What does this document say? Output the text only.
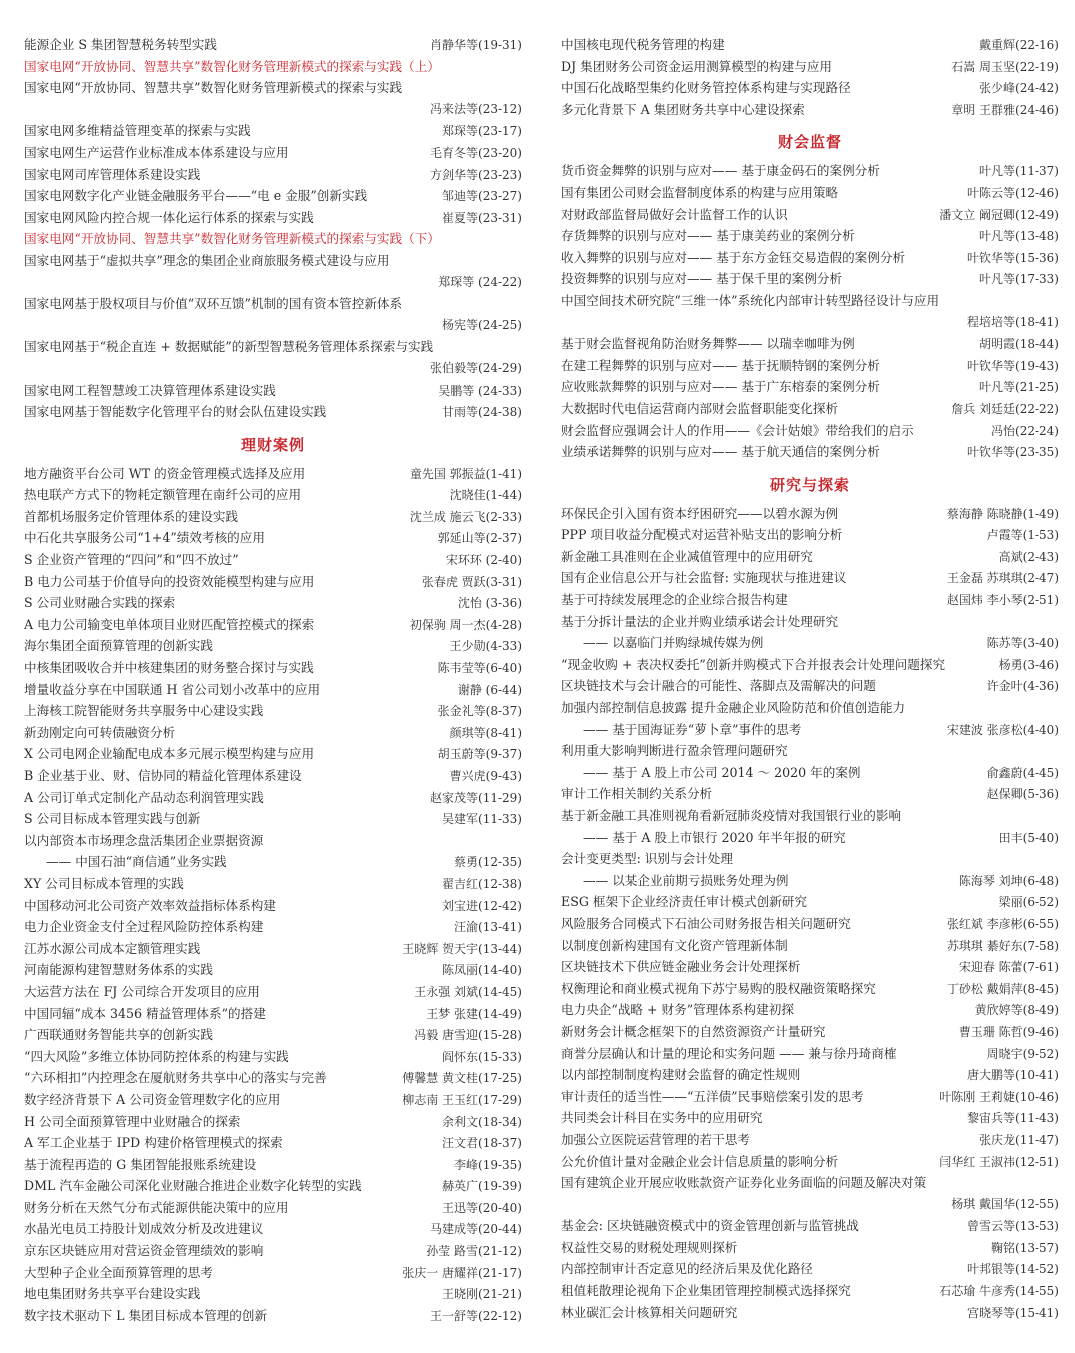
能源企业 S 集团智慧税务转型实践	肖静华等(19-31)
国家电网“开放协同、智慧共享”数智化财务管理新模式的探索与实践（上）
国家电网“开放协同、智慧共享”数智化财务管理新模式的探索与实践
冯来法等(23-12)
国家电网多维精益管理变革的探索与实践	郑琛等(23-17)
国家电网生产运营作业标准成本体系建设与应用	毛育冬等(23-20)
国家电网司库管理体系建设实践	方剑华等(23-23)
国家电网数字化产业链金融服务平台——“电 e 金服”创新实践	邹迪等(23-27)
国家电网风险内控合规一体化运行体系的探索与实践	崔夏等(23-31)
国家电网“开放协同、智慧共享”数智化财务管理新模式的探索与实践（下）
国家电网基于“虚拟共享”理念的集团企业商旅服务模式建设与应用
郑琛等 (24-22)
国家电网基于股权项目与价值“双环互馈”机制的国有资本管控新体系
杨宪等(24-25)
国家电网基于“税企直连 + 数据赋能”的新型智慧税务管理体系探索与实践
张伯毅等(24-29)
国家电网工程智慧竣工决算管理体系建设实践	吴鹏等 (24-33)
国家电网基于智能数字化管理平台的财会队伍建设实践	甘雨等(24-38)
理财案例
地方融资平台公司 WT 的资金管理模式选择及应用	童先国 郭振益(1-41)
热电联产方式下的物耗定额管理在南纤公司的应用	沈晓佳(1-44)
首都机场服务定价管理体系的建设实践	沈兰成 施云飞(2-33)
中石化共享服务公司“1+4”绩效考核的应用	郭延山等(2-37)
S 企业资产管理的“四问”和“四不放过”	宋环环 (2-40)
B 电力公司基于价值导向的投资效能模型构建与应用	张春虎 贾跃(3-31)
S 公司业财融合实践的探索	沈怡 (3-36)
A 电力公司输变电单体项目业财匹配管控模式的探索	初保驹 周一杰(4-28)
海尔集团全面预算管理的创新实践	王少勋(4-33)
中核集团吸收合并中核建集团的财务整合探讨与实践	陈韦莹等(6-40)
增量收益分享在中国联通 H 省公司划小改革中的应用	谢静 (6-44)
上海核工院智能财务共享服务中心建设实践	张金礼等(8-37)
新劲刚定向可转债融资分析	颜琪等(8-41)
X 公司电网企业输配电成本多元展示模型构建与应用	胡玉蔚等(9-37)
B 企业基于业、财、信协同的精益化管理体系建设	曹兴虎(9-43)
A 公司订单式定制化产品动态利润管理实践	赵家茂等(11-29)
S 公司目标成本管理实践与创新	吴建军(11-33)
以内部资本市场理念盘活集团企业票据资源
—— 中国石油“商信通”业务实践	蔡勇(12-35)
XY 公司目标成本管理的实践	翟吉红(12-38)
中国移动河北公司资产效率效益指标体系构建	刘宝进(12-42)
电力企业资金支付全过程风险防控体系构建	汪渝(13-41)
江苏水源公司成本定额管理实践	王晓辉 贺天宇(13-44)
河南能源构建智慧财务体系的实践	陈凤丽(14-40)
大运营方法在 FJ 公司综合开发项目的应用	王永强 刘斌(14-45)
中国同辐“成本 3456 精益管理体系”的搭建	王梦 张建(14-49)
广西联通财务智能共享的创新实践	冯毅 唐雪迎(15-28)
“四大风险”多维立体协同防控体系的构建与实践	阎怀东(15-33)
“六环相扣”内控理念在厦航财务共享中心的落实与完善	傅馨慧 黄文桂(17-25)
数字经济背景下 A 公司资金管理数字化的应用	柳志南 王玉红(17-29)
H 公司全面预算管理中业财融合的探索	余利文(18-34)
A 军工企业基于 IPD 构建价格管理模式的探索	汪文君(18-37)
基于流程再造的 G 集团智能报账系统建设	李峰(19-35)
DML 汽车金融公司深化业财融合推进企业数字化转型的实践	赫英广(19-39)
财务分析在天然气分布式能源供能决策中的应用	王迅等(20-40)
水晶光电员工持股计划成效分析及改进建议	马建成等(20-44)
京东区块链应用对营运资金管理绩效的影响	孙莹 路雪(21-12)
大型种子企业全面预算管理的思考	张庆一 唐耀祥(21-17)
地电集团财务共享平台建设实践	王晓刚(21-21)
数字技术驱动下 L 集团目标成本管理的创新	王一舒等(22-12)
中国核电现代税务管理的构建	戴重辉(22-16)
DJ 集团财务公司资金运用测算模型的构建与应用	石嵩 周玉坚(22-19)
中国石化战略型集约化财务管控体系构建与实现路径	张少峰(24-42)
多元化背景下 A 集团财务共享中心建设探索	章明 王群雅(24-46)
财会监督
货币资金舞弊的识别与应对—— 基于康金码石的案例分析	叶凡等(11-37)
国有集团公司财会监督制度体系的构建与应用策略	叶陈云等(12-46)
对财政部监督局做好会计监督工作的认识	潘文立 阚冠卿(12-49)
存货舞弊的识别与应对—— 基于康美药业的案例分析	叶凡等(13-48)
收入舞弊的识别与应对—— 基于东方金钰交易造假的案例分析	叶钦华等(15-36)
投资舞弊的识别与应对—— 基于保千里的案例分析	叶凡等(17-33)
中国空间技术研究院“三维一体”系统化内部审计转型路径设计与应用
程培培等(18-41)
基于财会监督视角防治财务舞弊—— 以瑞幸咖啡为例	胡明霞(18-44)
在建工程舞弊的识别与应对—— 基于抚顺特钢的案例分析	叶钦华等(19-43)
应收账款舞弊的识别与应对—— 基于广东榕泰的案例分析	叶凡等(21-25)
大数据时代电信运营商内部财会监督职能变化探析	詹兵 刘廷廷(22-22)
财会监督应强调会计人的作用——《会计姑娘》带给我们的启示	冯怡(22-24)
业绩承诺舞弊的识别与应对—— 基于航天通信的案例分析	叶钦华等(23-35)
研究与探索
环保民企引入国有资本纾困研究——以碧水源为例	蔡海静 陈晓静(1-49)
PPP 项目收益分配模式对运营补贴支出的影响分析	卢霞等(1-53)
新金融工具准则在企业减值管理中的应用研究	高斌(2-43)
国有企业信息公开与社会监督: 实施现状与推进建议	王金磊 苏琪琪(2-47)
基于可持续发展理念的企业综合报告构建	赵国炜 李小琴(2-51)
基于分拆计量法的企业并购业绩承诺会计处理研究
—— 以嘉临门并购绿城传媒为例	陈苏等(3-40)
“现金收购 + 表决权委托”创新并购模式下合并报表会计处理问题探究	杨勇(3-46)
区块链技术与会计融合的可能性、落脚点及需解决的问题	许金叶(4-36)
加强内部控制信息披露 提升金融企业风险防范和价值创造能力
—— 基于国海证券“萝卜章”事件的思考	宋建波 张彦松(4-40)
利用重大影响判断进行盈余管理问题研究
—— 基于 A 股上市公司 2014 ～ 2020 年的案例	俞鑫蔚(4-45)
审计工作相关制约关系分析	赵保卿(5-36)
基于新金融工具准则视角看新冠肺炎疫情对我国银行业的影响
—— 基于 A 股上市银行 2020 年半年报的研究	田丰(5-40)
会计变更类型: 识别与会计处理
—— 以某企业前期亏损账务处理为例	陈海琴 刘坤(6-48)
ESG 框架下企业经济责任审计模式创新研究	梁丽(6-52)
风险服务合同模式下石油公司财务报告相关问题研究	张红斌 李彦彬(6-55)
以制度创新构建国有文化资产管理新体制	苏琪琪 綦好东(7-58)
区块链技术下供应链金融业务会计处理探析	宋迎春 陈蕾(7-61)
权衡理论和商业模式视角下苏宁易购的股权融资策略探究	丁砂松 戴娟萍(8-45)
电力央企“战略 + 财务”管理体系构建初探	黄欣婷等(8-49)
新财务会计概念框架下的自然资源资产计量研究	曹玉珊 陈哲(9-46)
商誉分层确认和计量的理论和实务问题 —— 兼与徐丹琦商榷	周晓宇(9-52)
以内部控制制度构建财会监督的确定性规则	唐大鹏等(10-41)
审计责任的适当性——“五洋债”民事赔偿案引发的思考	叶陈刚 王莉婕(10-46)
共同类会计科目在实务中的应用研究	黎宙兵等(11-43)
加强公立医院运营管理的若干思考	张庆龙(11-47)
公允价值计量对金融企业会计信息质量的影响分析	闫华红 王淑祎(12-51)
国有建筑企业开展应收账款资产证券化业务面临的问题及解决对策
杨琪 戴国华(12-55)
基金会: 区块链融资模式中的资金管理创新与监管挑战	曾雪云等(13-53)
权益性交易的财税处理规则探析	鞠铭(13-57)
内部控制审计否定意见的经济后果及优化路径	叶邦银等(14-52)
租值耗散理论视角下企业集团管理控制模式选择探究	石芯瑜 牛彦秀(14-55)
林业碳汇会计核算相关问题研究	宫晓琴等(15-41)
